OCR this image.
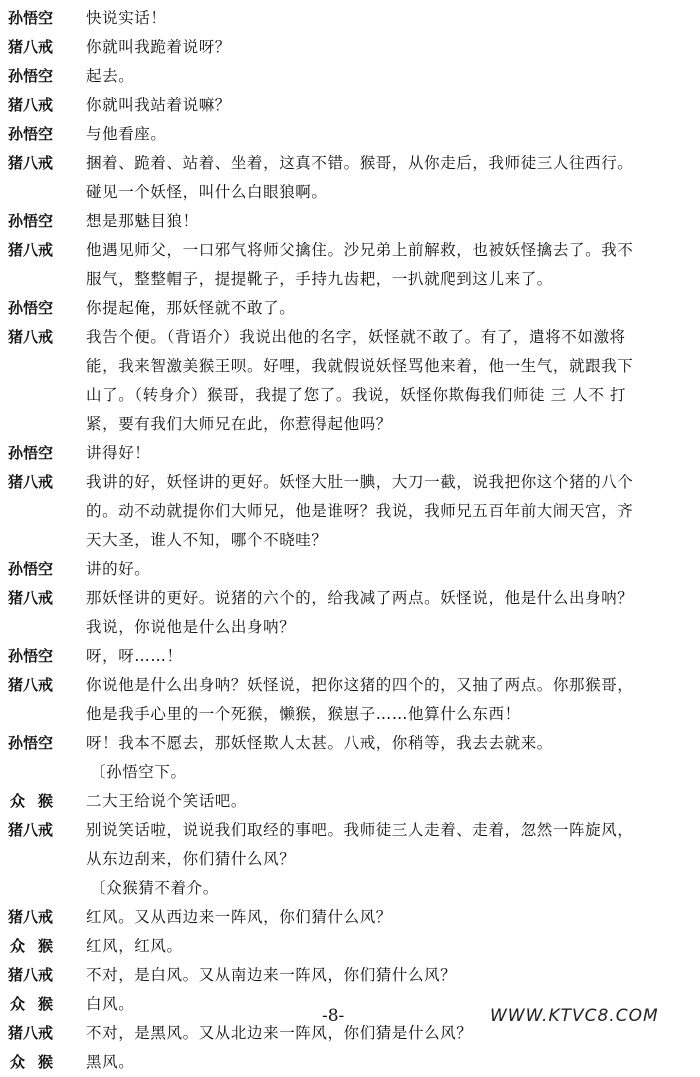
孙悟空	快说实话！
猪八戒	你就叫我跪着说呀？
孙悟空	起去。
猪八戒	你就叫我站着说嘛？
孙悟空	与他看座。
猪八戒	捆着、跪着、站着、坐着，这真不错。猴哥，从你走后，我师徒三人往西行。
碰见一个妖怪，叫什么白眼狼啊。
孙悟空	想是那魅目狼！
猪八戒	他遇见师父，一口邪气将师父擒住。沙兄弟上前解救，也被妖怪擒去了。我不
服气，整整帽子，提提靴子，手持九齿耙，一扒就爬到这儿来了。
孙悟空	你提起俺，那妖怪就不敢了。
猪八戒	我告个便。（背语介）我说出他的名字，妖怪就不敢了。有了，遣将不如激将
能，我来智激美猴王呗。好哩，我就假说妖怪骂他来着，他一生气，就跟我下
山了。（转身介）猴哥，我提了您了。我说，妖怪你欺侮我们师徒 三 人不 打
紧，要有我们大师兄在此，你惹得起他吗？
孙悟空	讲得好！
猪八戒	我讲的好，妖怪讲的更好。妖怪大肚一腆，大刀一截，说我把你这个猪的八个
的。动不动就提你们大师兄，他是谁呀？我说，我师兄五百年前大闹天宫，齐
天大圣，谁人不知，哪个不晓哇？
孙悟空	讲的好。
猪八戒	那妖怪讲的更好。说猪的六个的，给我减了两点。妖怪说，他是什么出身呐？
我说，你说他是什么出身呐？
孙悟空	呀，呀……！
猪八戒	你说他是什么出身呐？妖怪说，把你这猪的四个的，又抽了两点。你那猴哥，
他是我手心里的一个死猴，懒猴，猴崽子……他算什么东西！
孙悟空	呀！我本不愿去，那妖怪欺人太甚。八戒，你稍等，我去去就来。
〔孙悟空下。
众猴	二大王给说个笑话吧。
猪八戒	别说笑话啦，说说我们取经的事吧。我师徒三人走着、走着，忽然一阵旋风，
从东边刮来，你们猜什么风？
〔众猴猜不着介。
猪八戒	红风。又从西边来一阵风，你们猜什么风？
众猴	红风，红风。
猪八戒	不对，是白风。又从南边来一阵风，你们猜什么风？
众猴	白风。
猪八戒	不对，是黑风。又从北边来一阵风，你们猜是什么风？
众猴	黑风。
-8-	WWW.KTVC8.COM
